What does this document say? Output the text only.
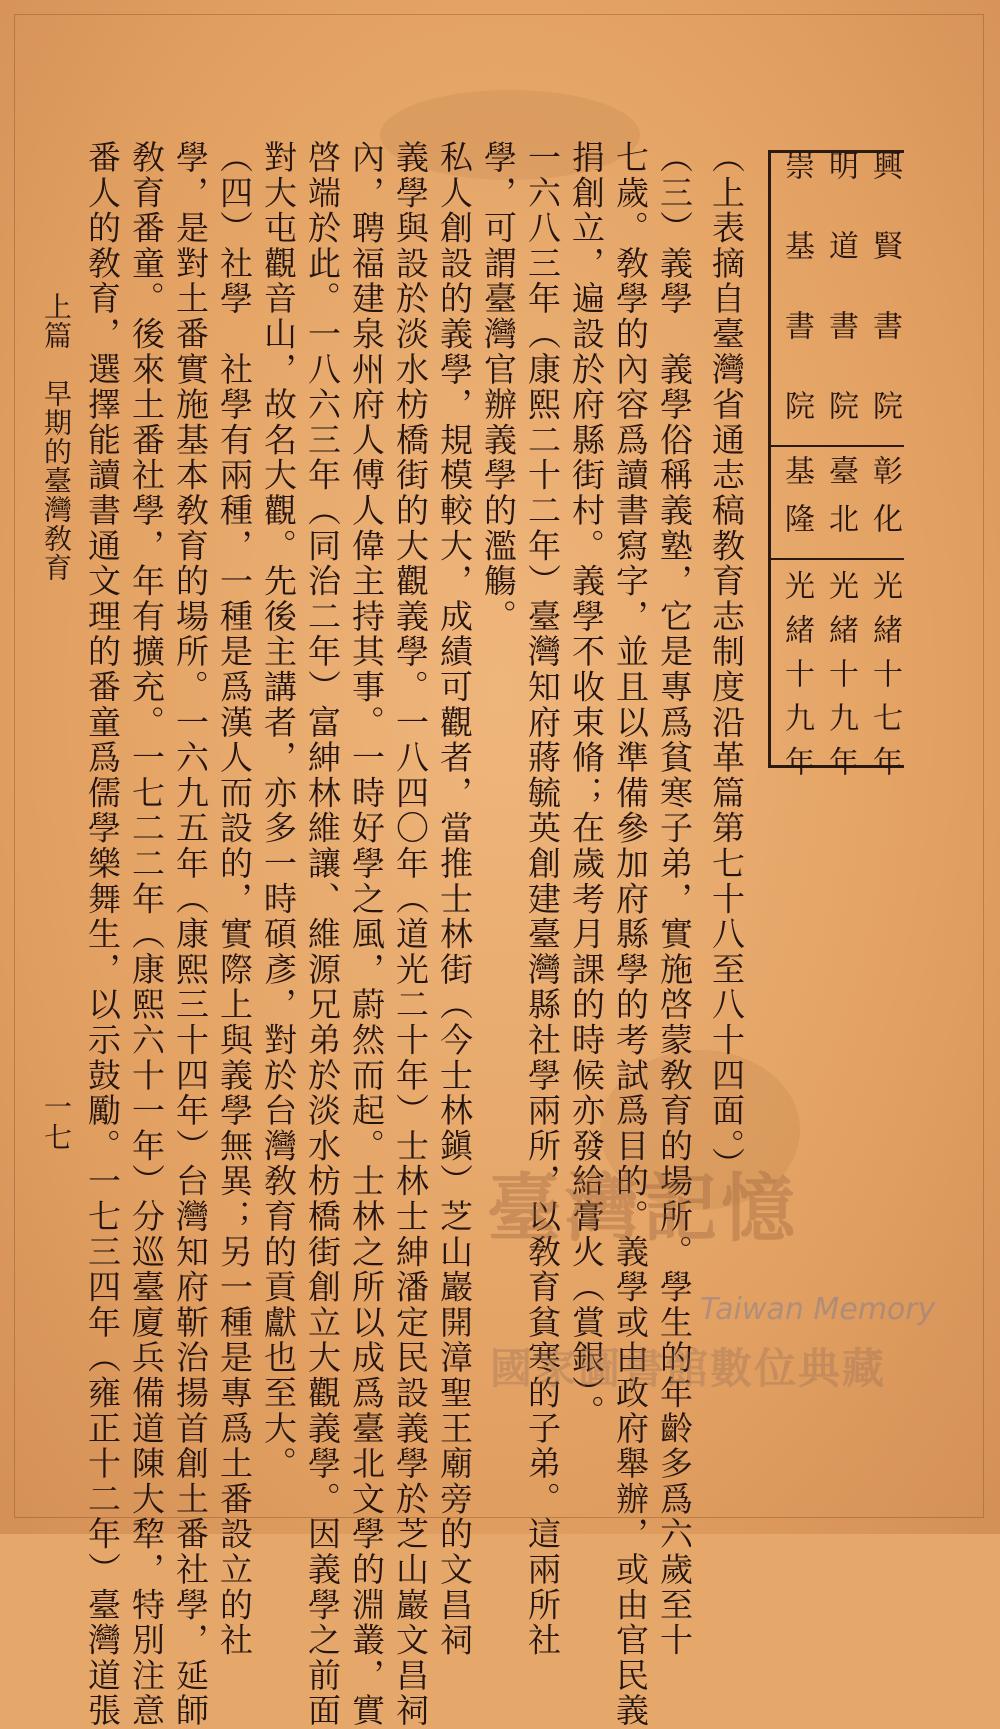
興賢書院
彰化
光緒十七年
明道書院
臺北
光緒十九年
崇基書院
基隆
光緒十九年
（上表摘自臺灣省通志稿教育志制度沿革篇第七十八至八十四面。）
（三）義學　義學俗稱義塾，它是專爲貧寒子弟，實施啓蒙敎育的場所。學生的年齡多爲六歲至十
七歲。敎學的內容爲讀書寫字，並且以準備參加府縣學的考試爲目的。義學或由政府舉辦，或由官民義
捐創立，遍設於府縣街村。義學不收束脩；在歲考月課的時候亦發給膏火（賞銀）。
一六八三年（康熙二十二年）臺灣知府蔣毓英創建臺灣縣社學兩所，以敎育貧寒的子弟。這兩所社
學，可謂臺灣官辦義學的濫觴。
私人創設的義學，規模較大，成績可觀者，當推士林街（今士林鎭）芝山巖開漳聖王廟旁的文昌祠
義學與設於淡水枋橋街的大觀義學。一八四〇年（道光二十年）士林士紳潘定民設義學於芝山巖文昌祠
內，聘福建泉州府人傅人偉主持其事。一時好學之風，蔚然而起。士林之所以成爲臺北文學的淵叢，實
啓端於此。一八六三年（同治二年）富紳林維讓、維源兄弟於淡水枋橋街創立大觀義學。因義學之前面
對大屯觀音山，故名大觀。先後主講者，亦多一時碩彥，對於台灣敎育的貢獻也至大。
（四）社學　社學有兩種，一種是爲漢人而設的，實際上與義學無異；另一種是專爲土番設立的社
學，是對土番實施基本敎育的場所。一六九五年（康熙三十四年）台灣知府靳治揚首創土番社學，延師
敎育番童。後來土番社學，年有擴充。一七二二年（康熙六十一年）分巡臺廈兵備道陳大犂，特別注意
番人的敎育，選擇能讀書通文理的番童爲儒學樂舞生，以示鼓勵。一七三四年（雍正十二年）臺灣道張
上篇　早期的臺灣敎育
一七
臺灣記憶
Taiwan Memory
國家圖書館數位典藏
